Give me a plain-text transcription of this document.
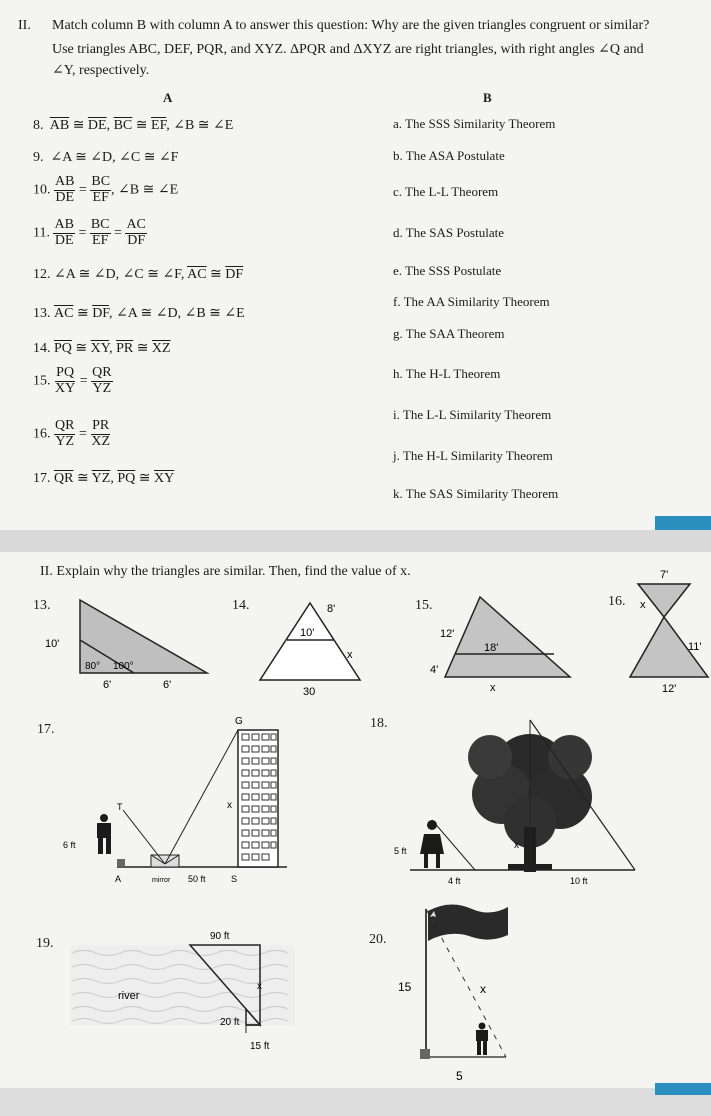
II. Match column B with column A to answer this question: Why are the given triangles congruent or similar?
Use triangles ABC, DEF, PQR, and XYZ. ΔPQR and ΔXYZ are right triangles, with right angles ∠Q and
∠Y, respectively.
A	B
8. $\overline{AB}$ ≅ $\overline{DE}$, $\overline{BC}$ ≅ $\overline{EF}$, ∠B ≅ ∠E
9. ∠A ≅ ∠D, ∠C ≅ ∠F
10. $\frac{AB}{DE} = \frac{BC}{EF}$ , ∠B ≅ ∠E
11. $\frac{AB}{DE} = \frac{BC}{EF} = \frac{AC}{DF}$
12. ∠A ≅ ∠D, ∠C ≅ ∠F, $\overline{AC}$ ≅ $\overline{DF}$
13. $\overline{AC}$ ≅ $\overline{DF}$, ∠A ≅ ∠D, ∠B ≅ ∠E
14. $\overline{PQ}$ ≅ $\overline{XY}$, $\overline{PR}$ ≅ $\overline{XZ}$
15. $\frac{PQ}{XY} = \frac{QR}{YZ}$
16. $\frac{QR}{YZ} = \frac{PR}{XZ}$
17. $\overline{QR}$ ≅ $\overline{YZ}$, $\overline{PQ}$ ≅ $\overline{XY}$
a. The SSS Similarity Theorem
b. The ASA Postulate
c. The L-L Theorem
d. The SAS Postulate
e. The SSS Postulate
f. The AA Similarity Theorem
g. The SAA Theorem
h. The H-L Theorem
i. The L-L Similarity Theorem
j. The H-L Similarity Theorem
k. The SAS Similarity Theorem
II. Explain why the triangles are similar. Then, find the value of x.
13.
10'
80° 100°
6'	6'
14.	8'
10'
x
30
15.
12'
4'
18'
x
16.
7'
x
11'
12'
17.
G
T	x
6 ft
A	mirror 50 ft	S
18.
5 ft	x
4 ft	10 ft
19.	90 ft
x
river
20 ft
15 ft
20.
15	x
5
